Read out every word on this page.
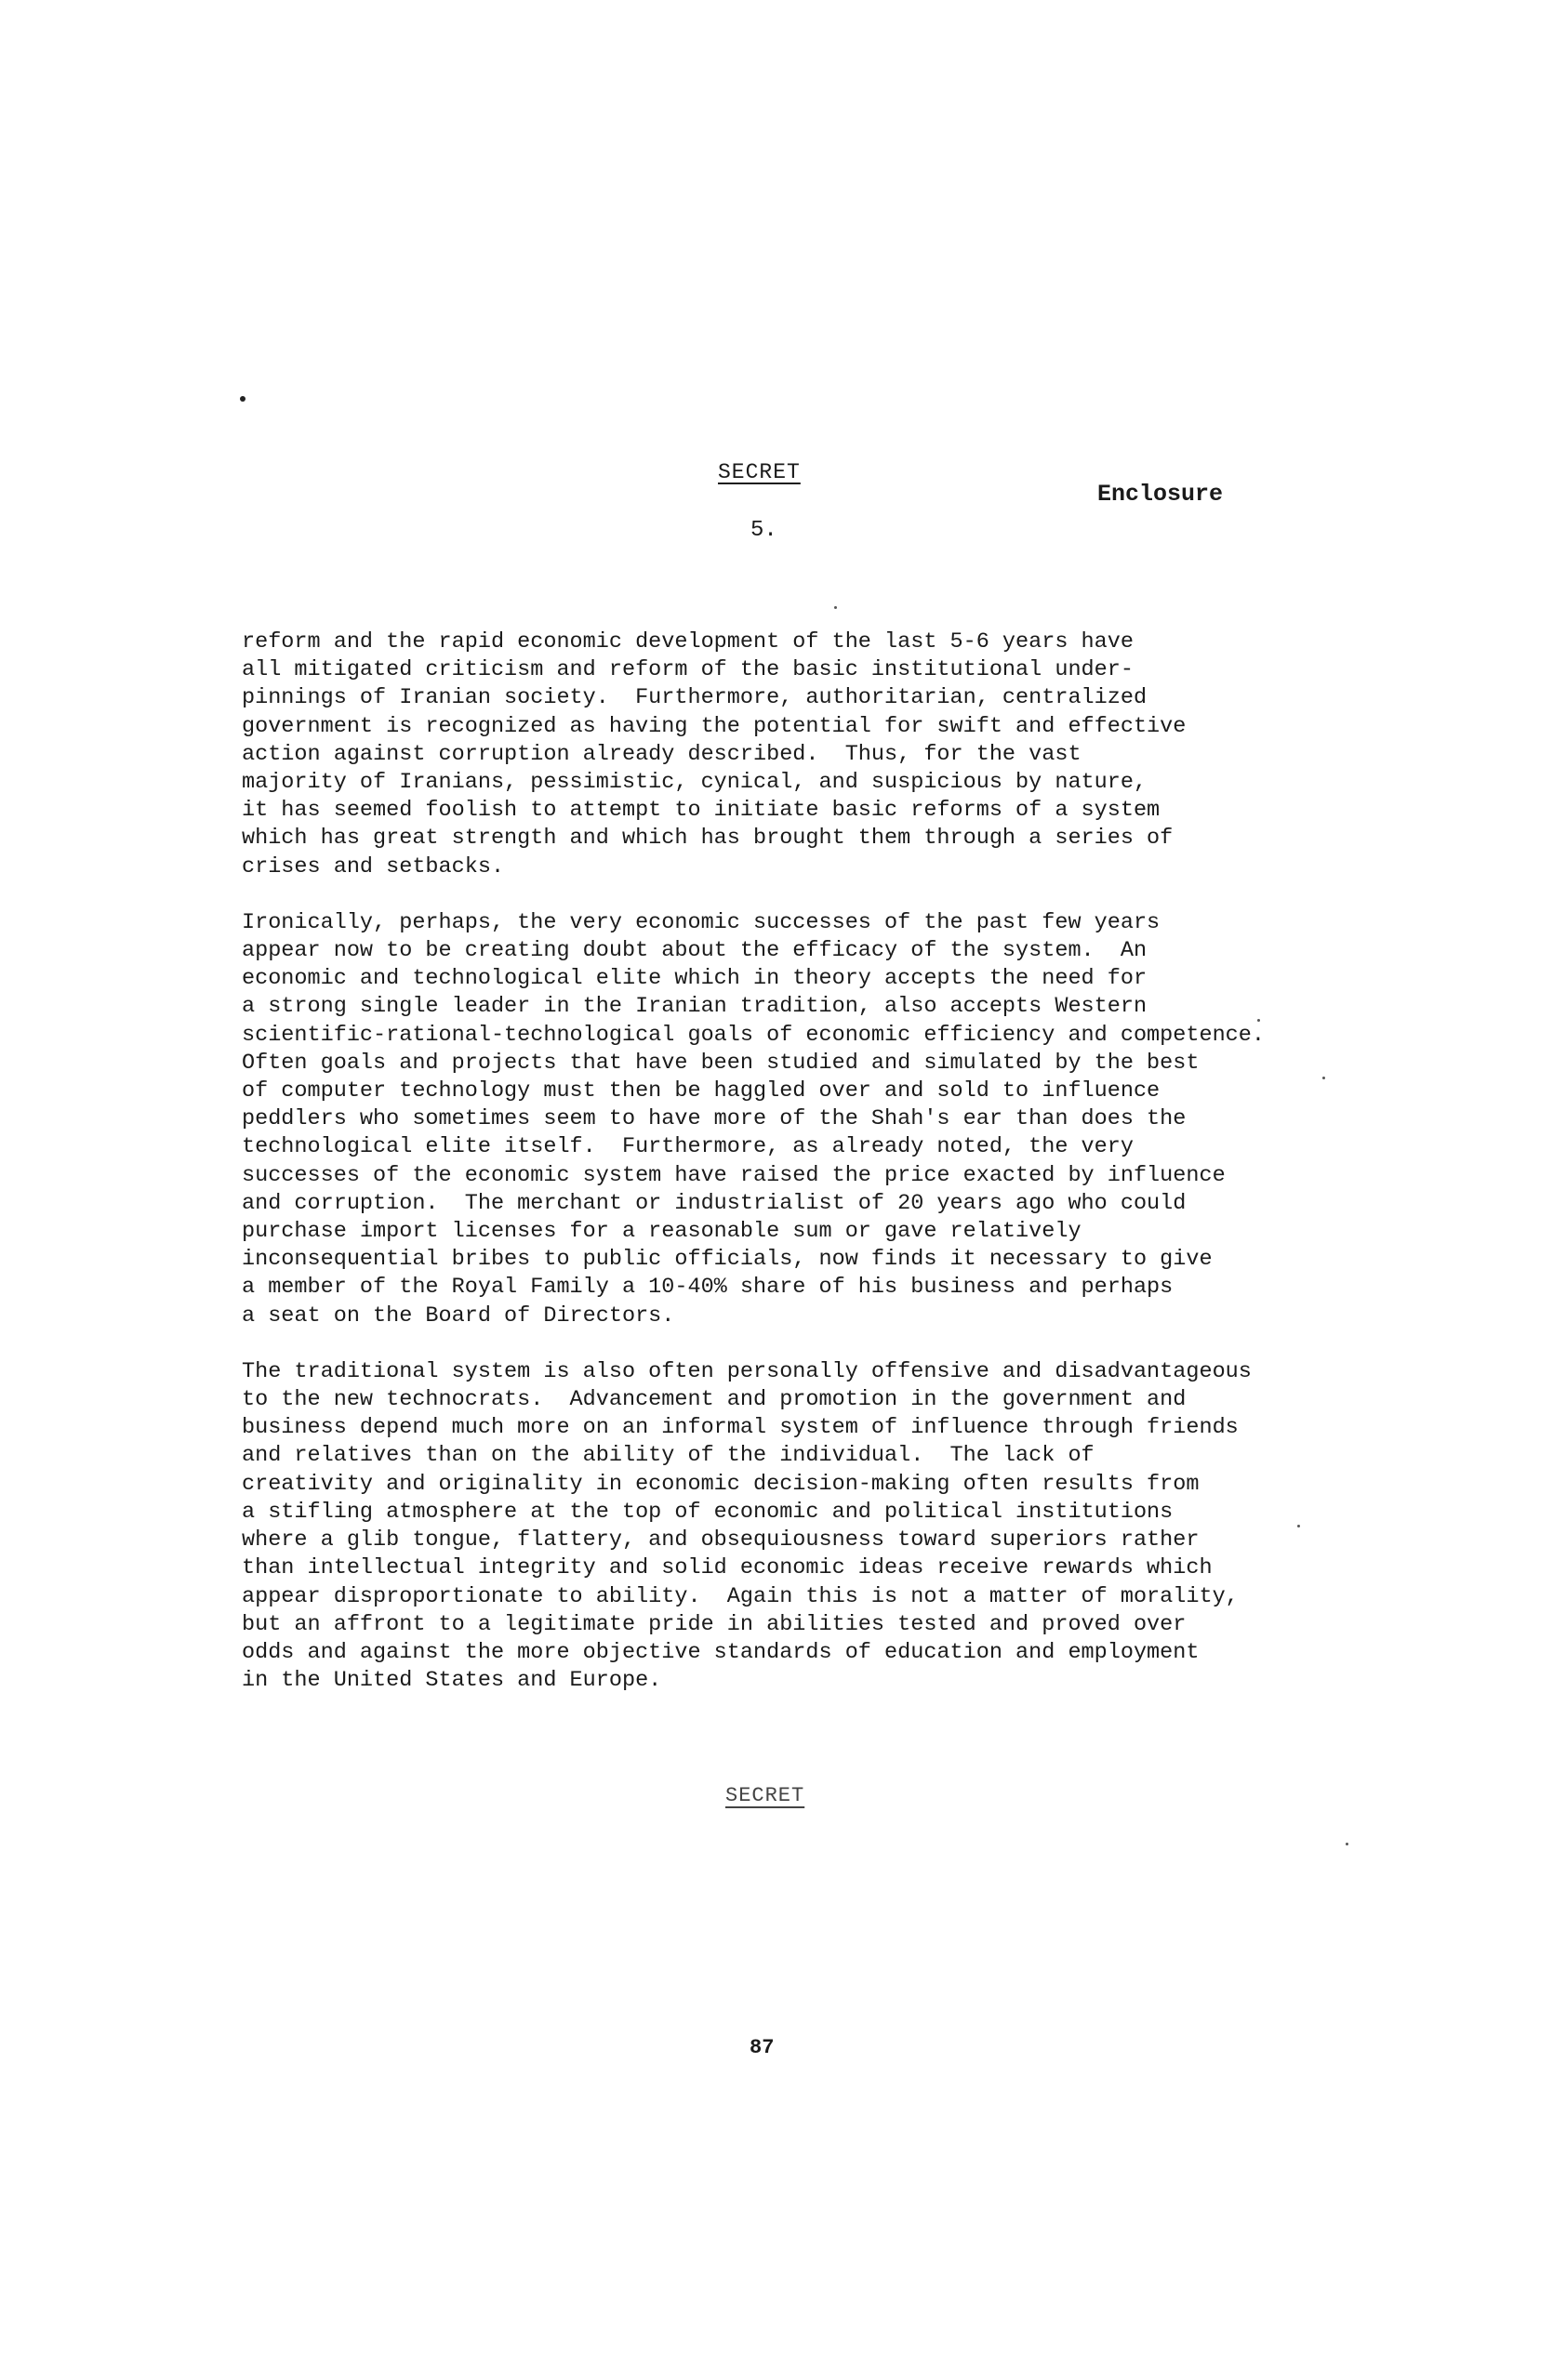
SECRET
Enclosure
5.

reform and the rapid economic development of the last 5-6 years have
all mitigated criticism and reform of the basic institutional under-
pinnings of Iranian society.  Furthermore, authoritarian, centralized
government is recognized as having the potential for swift and effective
action against corruption already described.  Thus, for the vast
majority of Iranians, pessimistic, cynical, and suspicious by nature,
it has seemed foolish to attempt to initiate basic reforms of a system
which has great strength and which has brought them through a series of
crises and setbacks.

Ironically, perhaps, the very economic successes of the past few years
appear now to be creating doubt about the efficacy of the system.  An
economic and technological elite which in theory accepts the need for
a strong single leader in the Iranian tradition, also accepts Western
scientific-rational-technological goals of economic efficiency and competence.
Often goals and projects that have been studied and simulated by the best
of computer technology must then be haggled over and sold to influence
peddlers who sometimes seem to have more of the Shah's ear than does the
technological elite itself.  Furthermore, as already noted, the very
successes of the economic system have raised the price exacted by influence
and corruption.  The merchant or industrialist of 20 years ago who could
purchase import licenses for a reasonable sum or gave relatively
inconsequential bribes to public officials, now finds it necessary to give
a member of the Royal Family a 10-40% share of his business and perhaps
a seat on the Board of Directors.

The traditional system is also often personally offensive and disadvantageous
to the new technocrats.  Advancement and promotion in the government and
business depend much more on an informal system of influence through friends
and relatives than on the ability of the individual.  The lack of
creativity and originality in economic decision-making often results from
a stifling atmosphere at the top of economic and political institutions
where a glib tongue, flattery, and obsequiousness toward superiors rather
than intellectual integrity and solid economic ideas receive rewards which
appear disproportionate to ability.  Again this is not a matter of morality,
but an affront to a legitimate pride in abilities tested and proved over
odds and against the more objective standards of education and employment
in the United States and Europe.

SECRET
87
